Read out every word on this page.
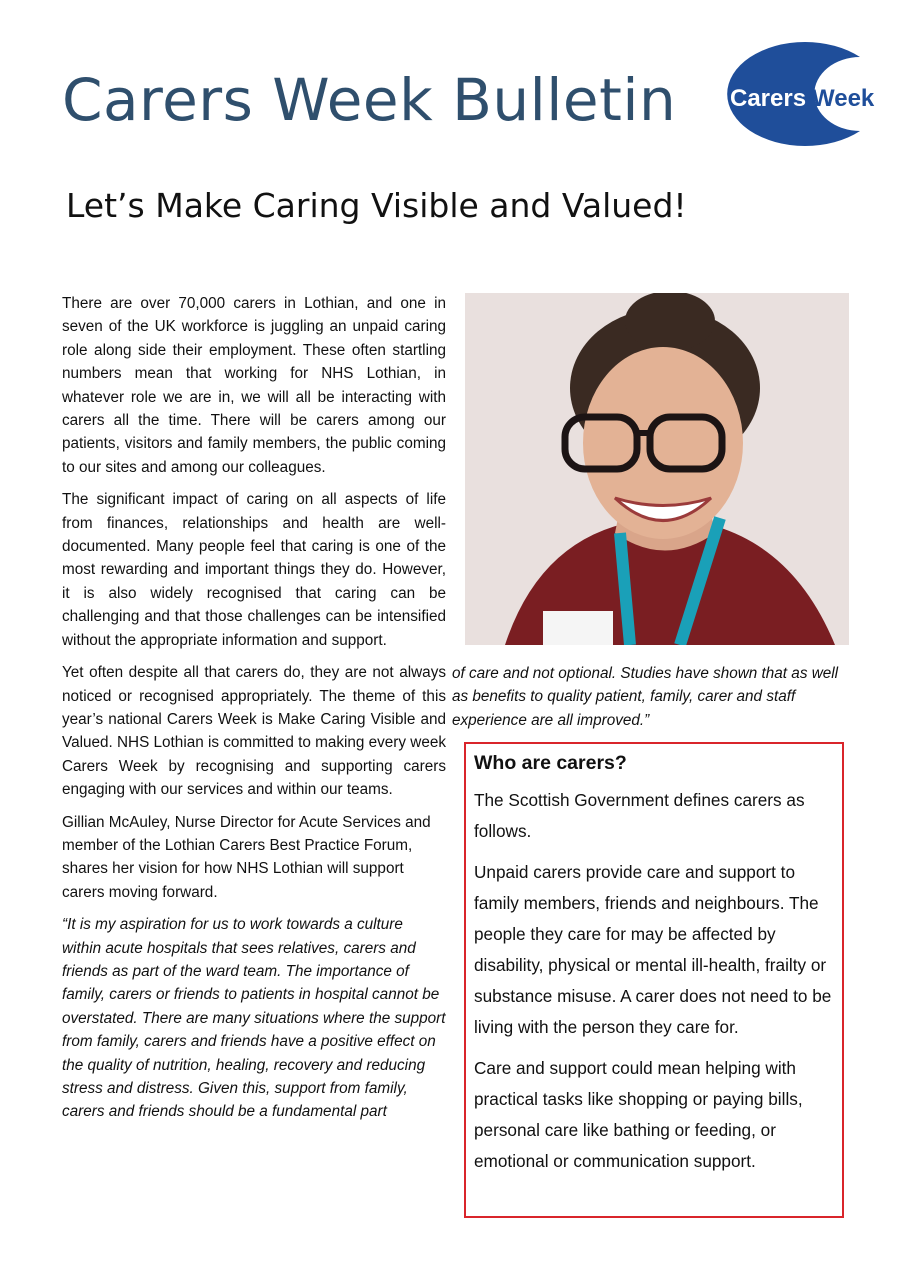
Carers Week Bulletin Carers Week
Let’s Make Caring Visible and Valued!

There are over 70,000 carers in Lothian, and one in seven of the UK workforce is juggling an unpaid caring role along side their employment. These often startling numbers mean that working for NHS Lothian, in whatever role we are in, we will all be interacting with carers all the time. There will be carers among our patients, visitors and family members, the public coming to our sites and among our colleagues.

The significant impact of caring on all aspects of life from finances, relationships and health are well-documented. Many people feel that caring is one of the most rewarding and important things they do. However, it is also widely recognised that caring can be challenging and that those challenges can be intensified without the appropriate information and support.

Yet often despite all that carers do, they are not always noticed or recognised appropriately. The theme of this year’s national Carers Week is Make Caring Visible and Valued. NHS Lothian is committed to making every week Carers Week by recognising and supporting carers engaging with our services and within our teams.

Gillian McAuley, Nurse Director for Acute Services and member of the Lothian Carers Best Practice Forum, shares her vision for how NHS Lothian will support carers moving forward.

“It is my aspiration for us to work towards a culture within acute hospitals that sees relatives, carers and friends as part of the ward team. The importance of family, carers or friends to patients in hospital cannot be overstated. There are many situations where the support from family, carers and friends have a positive effect on the quality of nutrition, healing, recovery and reducing stress and distress. Given this, support from family, carers and friends should be a fundamental part

of care and not optional. Studies have shown that as well as benefits to quality patient, family, carer and staff experience are all improved.”

Who are carers?

The Scottish Government defines carers as follows.

Unpaid carers provide care and support to family members, friends and neighbours. The people they care for may be affected by disability, physical or mental ill-health, frailty or substance misuse. A carer does not need to be living with the person they care for.

Care and support could mean helping with practical tasks like shopping or paying bills, personal care like bathing or feeding, or emotional or communication support.
